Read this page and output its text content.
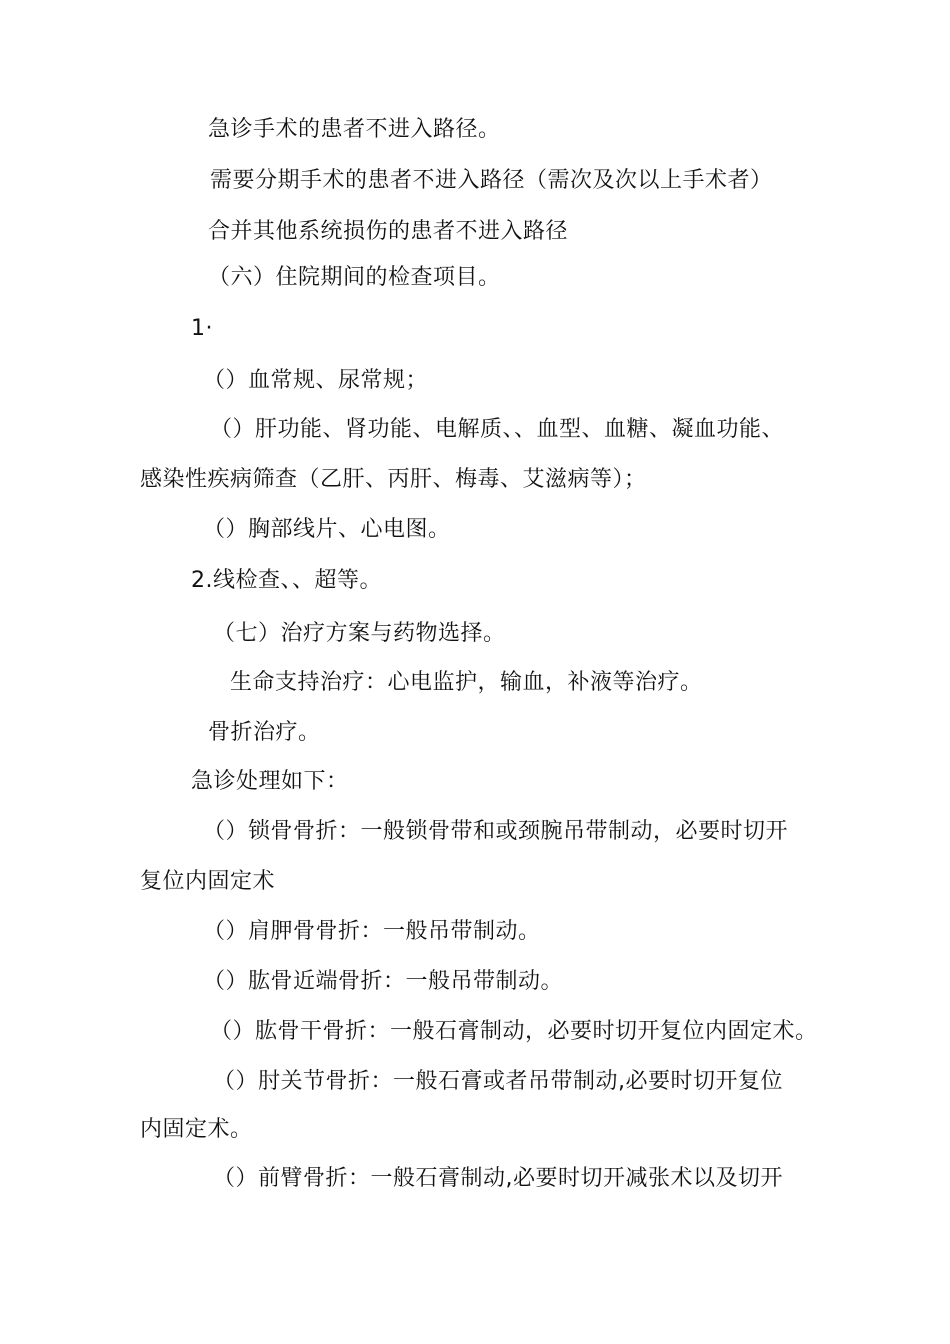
急诊手术的患者不进入路径。
需要分期手术的患者不进入路径（需次及次以上手术者）
合并其他系统损伤的患者不进入路径
（六）住院期间的检查项目。
1·
（）血常规、尿常规；
（）肝功能、肾功能、电解质、、血型、血糖、凝血功能、
感染性疾病筛查（乙肝、丙肝、梅毒、艾滋病等）；
（）胸部线片、心电图。
2.线检查、、超等。
（七）治疗方案与药物选择。
生命支持治疗：心电监护，输血，补液等治疗。
骨折治疗。
急诊处理如下：
（）锁骨骨折：一般锁骨带和或颈腕吊带制动，必要时切开
复位内固定术
（）肩胛骨骨折：一般吊带制动。
（）肱骨近端骨折：一般吊带制动。
（）肱骨干骨折：一般石膏制动，必要时切开复位内固定术。
（）肘关节骨折：一般石膏或者吊带制动,必要时切开复位
内固定术。
（）前臂骨折：一般石膏制动,必要时切开减张术以及切开
